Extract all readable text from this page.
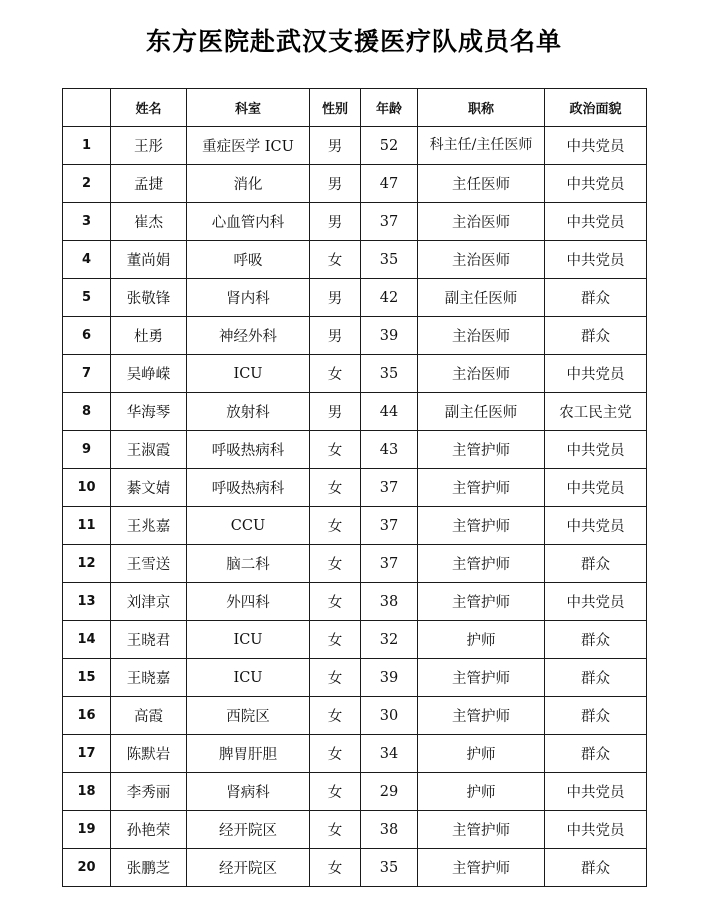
东方医院赴武汉支援医疗队成员名单
	姓名	科室	性别	年龄	职称	政治面貌
1	王彤	重症医学 ICU	男	52	科主任/主任医师	中共党员
2	孟捷	消化	男	47	主任医师	中共党员
3	崔杰	心血管内科	男	37	主治医师	中共党员
4	董尚娟	呼吸	女	35	主治医师	中共党员
5	张敬锋	肾内科	男	42	副主任医师	群众
6	杜勇	神经外科	男	39	主治医师	群众
7	吴峥嵘	ICU	女	35	主治医师	中共党员
8	华海琴	放射科	男	44	副主任医师	农工民主党
9	王淑霞	呼吸热病科	女	43	主管护师	中共党员
10	綦文婧	呼吸热病科	女	37	主管护师	中共党员
11	王兆嘉	CCU	女	37	主管护师	中共党员
12	王雪送	脑二科	女	37	主管护师	群众
13	刘津京	外四科	女	38	主管护师	中共党员
14	王晓君	ICU	女	32	护师	群众
15	王晓嘉	ICU	女	39	主管护师	群众
16	高霞	西院区	女	30	主管护师	群众
17	陈默岩	脾胃肝胆	女	34	护师	群众
18	李秀丽	肾病科	女	29	护师	中共党员
19	孙艳荣	经开院区	女	38	主管护师	中共党员
20	张鹏芝	经开院区	女	35	主管护师	群众
